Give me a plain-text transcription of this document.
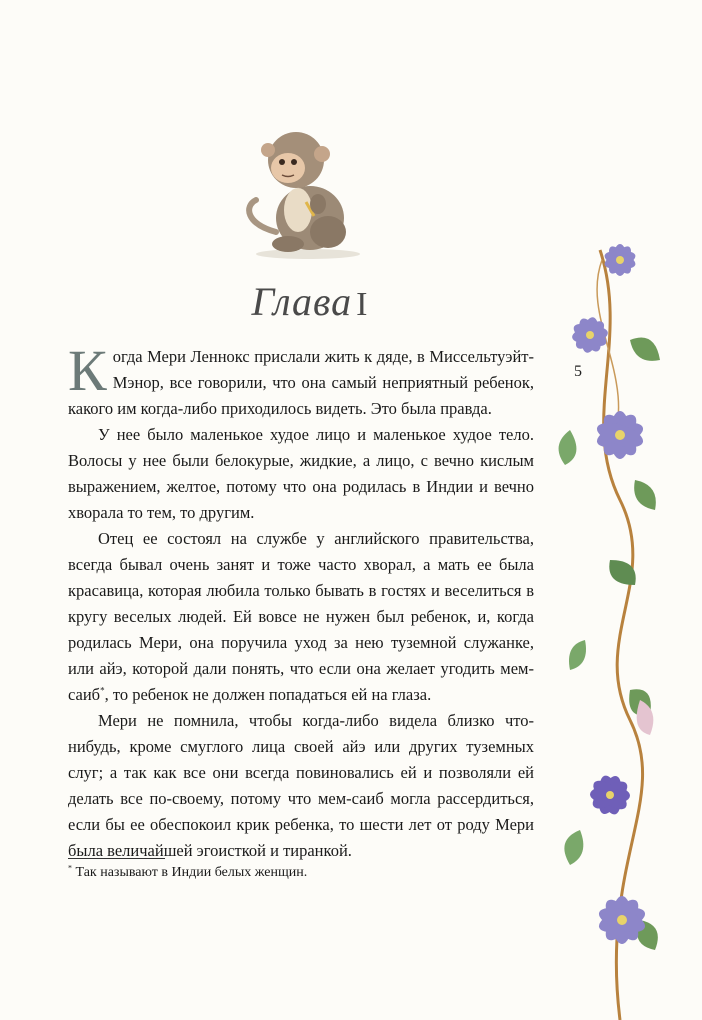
Глава I
5

Когда Мери Леннокс прислали жить к дяде, в Миссельтуэйт-Мэнор, все говорили, что она самый неприятный ребенок, какого им когда-либо приходилось видеть. Это была правда.

У нее было маленькое худое лицо и маленькое худое тело. Волосы у нее были белокурые, жидкие, а лицо, с вечно кислым выражением, желтое, потому что она родилась в Индии и вечно хворала то тем, то другим.

Отец ее состоял на службе у английского правительства, всегда бывал очень занят и тоже часто хворал, а мать ее была красавица, которая любила только бывать в гостях и веселиться в кругу веселых людей. Ей вовсе не нужен был ребенок, и, когда родилась Мери, она поручила уход за нею туземной служанке, или айэ, которой дали понять, что если она желает угодить мем-саиб*, то ребенок не должен попадаться ей на глаза.

Мери не помнила, чтобы когда-либо видела близко что-нибудь, кроме смуглого лица своей айэ или других туземных слуг; а так как все они всегда повиновались ей и позволяли ей делать все по-своему, потому что мем-саиб могла рассердиться, если бы ее обеспокоил крик ребенка, то шести лет от роду Мери была величайшей эгоисткой и тиранкой.

* Так называют в Индии белых женщин.
